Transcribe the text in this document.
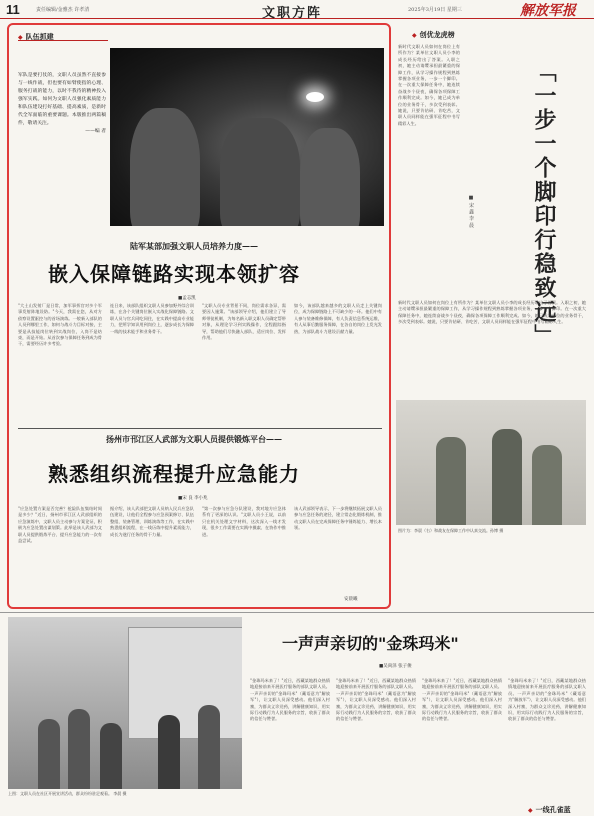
11	责任编辑/金雅杰 许孝清	文职方阵	2025年3月19日 星期三	解放军报
◆ 队伍抓建
军队是要打仗的，文职人员虽然不直接参与一线作战，但也要有如臂使指的心理、服务打战的能力，以时不我待的精神投入强军实践。如何为文职人员强化素质能力和队伍建设打好基础、提高素质，是新时代全军面临的重要课题。本版推出两篇稿件，敬请关注。

——编 者
陆军某部加强文职人员培养力度——
嵌入保障链路实现本领扩容
■孟志凯
"大土山发射厂是日常，加军事挥官对多个军事发射阵地设防。"今天，我需在您，从对方侦察设置驱控与的首场演练。一般新入部队的人员到哪里工作，如何与战斗力目标对接，主要是从技能岗位转到实战岗位，入岗不是结束，而是开始。从首次参与保障任务到成为骨干，需要经历许多考验。
连日来，该部队组织文职人员参加野外综合训练，在各个关键岗位嵌入实战化保障链路。文职人员与官兵同吃同住，在实践中提高专业能力，把所学知识用到岗位上，逐步成长为保障一线的技术能手和业务骨干。
"文职人员专业背景不同，岗位需求各异，需要因人施策。"该部领导介绍，他们建立了导师带徒机制，为每名新入职文职人员确定帮带对象，从理论学习到实践操作，全程跟踪指导，帮助他们尽快融入部队、适应岗位、发挥作用。
如今，该部队越来越多的文职人员走上关键岗位，成为保障链路上不可缺少的一环。他们中有人参与装备维修保障，有人负责信息系统运维，有人从事后勤服务保障，在各自的岗位上发光发热，为部队战斗力建设贡献力量。
扬州市邗江区人武部为文职人员提供锻炼平台——
熟悉组织流程提升应急能力
■宋 良 李小兆
"应急处置方案是否完善？抢险队伍集结时间是多少？"近日，扬州市邗江区人武部组织的应急演练中，文职人员主动参与方案论证，积极为应急处置出谋划策。此举是该人武部为文职人员提供锻炼平台、提升应急能力的一次有益尝试。
据介绍，该人武部把文职人员纳入民兵应急队伍建设，让他们全程参与应急预案修订、队伍整组、装备管理、训练演练等工作，在实践中熟悉组织流程，在一线历练中提升素质能力，成长为遂行任务的骨干力量。
"第一次参与应急分队建设，我对地方应急体系有了更深的认识。"文职人员小王说，以前只在机关处理文字材料，这次深入一线才发现，很多工作需要在实践中摸索、在协作中推进。
该人武部领导表示，下一步将继续拓展文职人员参与应急任务的途径，建立常态化锻炼机制，推动文职人员在完成保障任务中锤炼能力、增长本领。
安晨曦
◆ 创优龙虎榜
新时代文职人员如何在岗位上有所作为？某单位文职人员小李的成长经历给出了答案。入职之初，她主动请缨承担最繁重的保障工作，从学习操作规程到熟练掌握各项业务，一步一个脚印。在一次重大保障任务中，她连续奋战多个昼夜，确保各项保障工作顺利完成。如今，她已成为单位的业务骨干，多次受到表彰。她说，只要肯钻研、肯吃苦，文职人员同样能在强军征程中书写精彩人生。
■ 宋 鑫 李 晨	「一步一个脚印行稳致远」
新时代文职人员如何在岗位上有所作为？某单位文职人员小李的成长经历给出了答案。入职之初，她主动请缨承担最繁重的保障工作，从学习操作规程到熟练掌握各项业务，一步一个脚印。在一次重大保障任务中，她连续奋战多个昼夜，确保各项保障工作顺利完成。如今，她已成为单位的业务骨干，多次受到表彰。她说，只要肯钻研、肯吃苦，文职人员同样能在强军征程中书写精彩人生。
图片为：李晨（右）和战友在保障工作中认真交流。孙博 摄
上图：文职人员在社区开展宣讲活动，群众纷纷驻足观看。 李晨 摄
一声声亲切的"金珠玛米"
■吴尚泽 张子俊
"金珠玛米来了！"近日，西藏某地群众热情地迎接前来开展医疗服务的部队文职人员。一声声亲切的"金珠玛米"（藏语意为"解放军"），让文职人员深受感动。他们深入村寨，为群众义诊送药，讲解健康知识，用实际行动践行为人民服务的宗旨，收获了群众的信任与赞誉。
"金珠玛米来了！"近日，西藏某地群众热情地迎接前来开展医疗服务的部队文职人员。一声声亲切的"金珠玛米"（藏语意为"解放军"），让文职人员深受感动。他们深入村寨，为群众义诊送药，讲解健康知识，用实际行动践行为人民服务的宗旨，收获了群众的信任与赞誉。
"金珠玛米来了！"近日，西藏某地群众热情地迎接前来开展医疗服务的部队文职人员。一声声亲切的"金珠玛米"（藏语意为"解放军"），让文职人员深受感动。他们深入村寨，为群众义诊送药，讲解健康知识，用实际行动践行为人民服务的宗旨，收获了群众的信任与赞誉。
"金珠玛米来了！"近日，西藏某地群众热情地迎接前来开展医疗服务的部队文职人员。一声声亲切的"金珠玛米"（藏语意为"解放军"），让文职人员深受感动。他们深入村寨，为群众义诊送药，讲解健康知识，用实际行动践行为人民服务的宗旨，收获了群众的信任与赞誉。
◆ 一线孔雀蓝
